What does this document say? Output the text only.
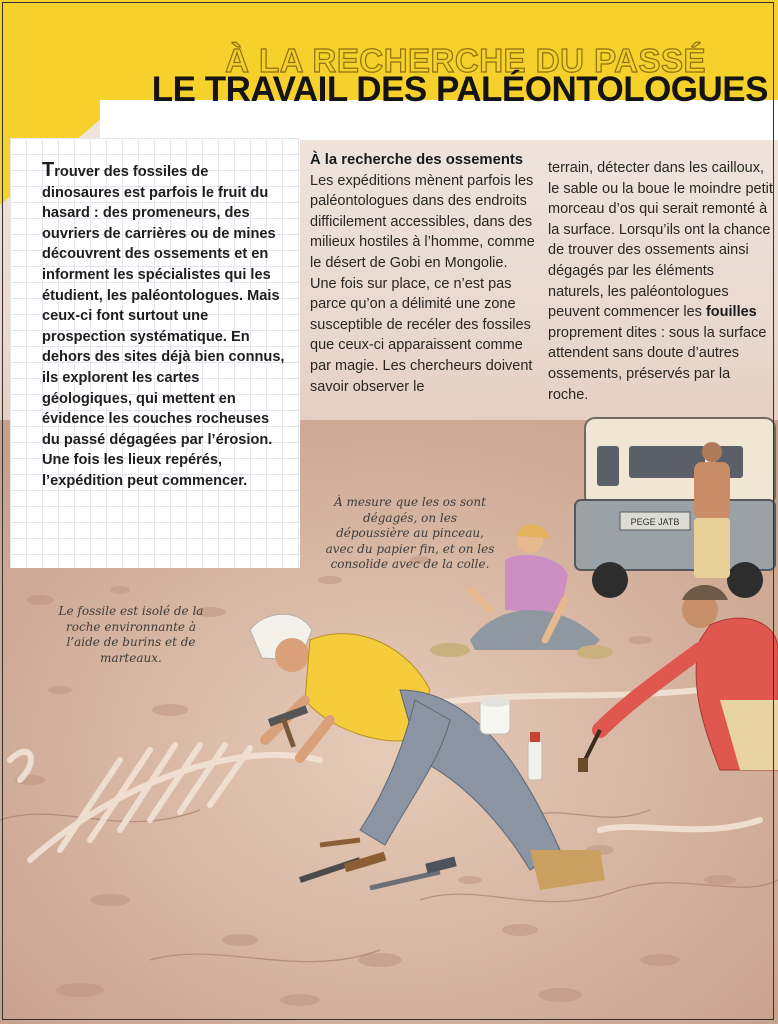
PEGE JATB
À LA RECHERCHE DU PASSÉ
LE TRAVAIL DES PALÉONTOLOGUES

Trouver des fossiles de dinosaures est parfois le fruit du hasard : des promeneurs, des ouvriers de carrières ou de mines découvrent des ossements et en informent les spécialistes qui les étudient, les paléontologues. Mais ceux-ci font surtout une prospection systématique. En dehors des sites déjà bien connus, ils explorent les cartes géologiques, qui mettent en évidence les couches rocheuses du passé dégagées par l’érosion. Une fois les lieux repérés, l’expédition peut commencer.

À la recherche des ossements

Les expéditions mènent parfois les paléontologues dans des endroits difficilement accessibles, dans des milieux hostiles à l’homme, comme le désert de Gobi en Mongolie. Une fois sur place, ce n’est pas parce qu’on a délimité une zone susceptible de recéler des fossiles que ceux-ci apparaissent comme par magie. Les chercheurs doivent savoir observer le

terrain, détecter dans les cailloux, le sable ou la boue le moindre petit morceau d’os qui serait remonté à la surface. Lorsqu’ils ont la chance de trouver des ossements ainsi dégagés par les éléments naturels, les paléontologues peuvent commencer les fouilles proprement dites : sous la surface attendent sans doute d’autres ossements, préservés par la roche.

Le fossile est isolé de la roche environnante à l’aide de burins et de marteaux.
À mesure que les os sont dégagés, on les dépoussière au pinceau, avec du papier fin, et on les consolide avec de la colle.
